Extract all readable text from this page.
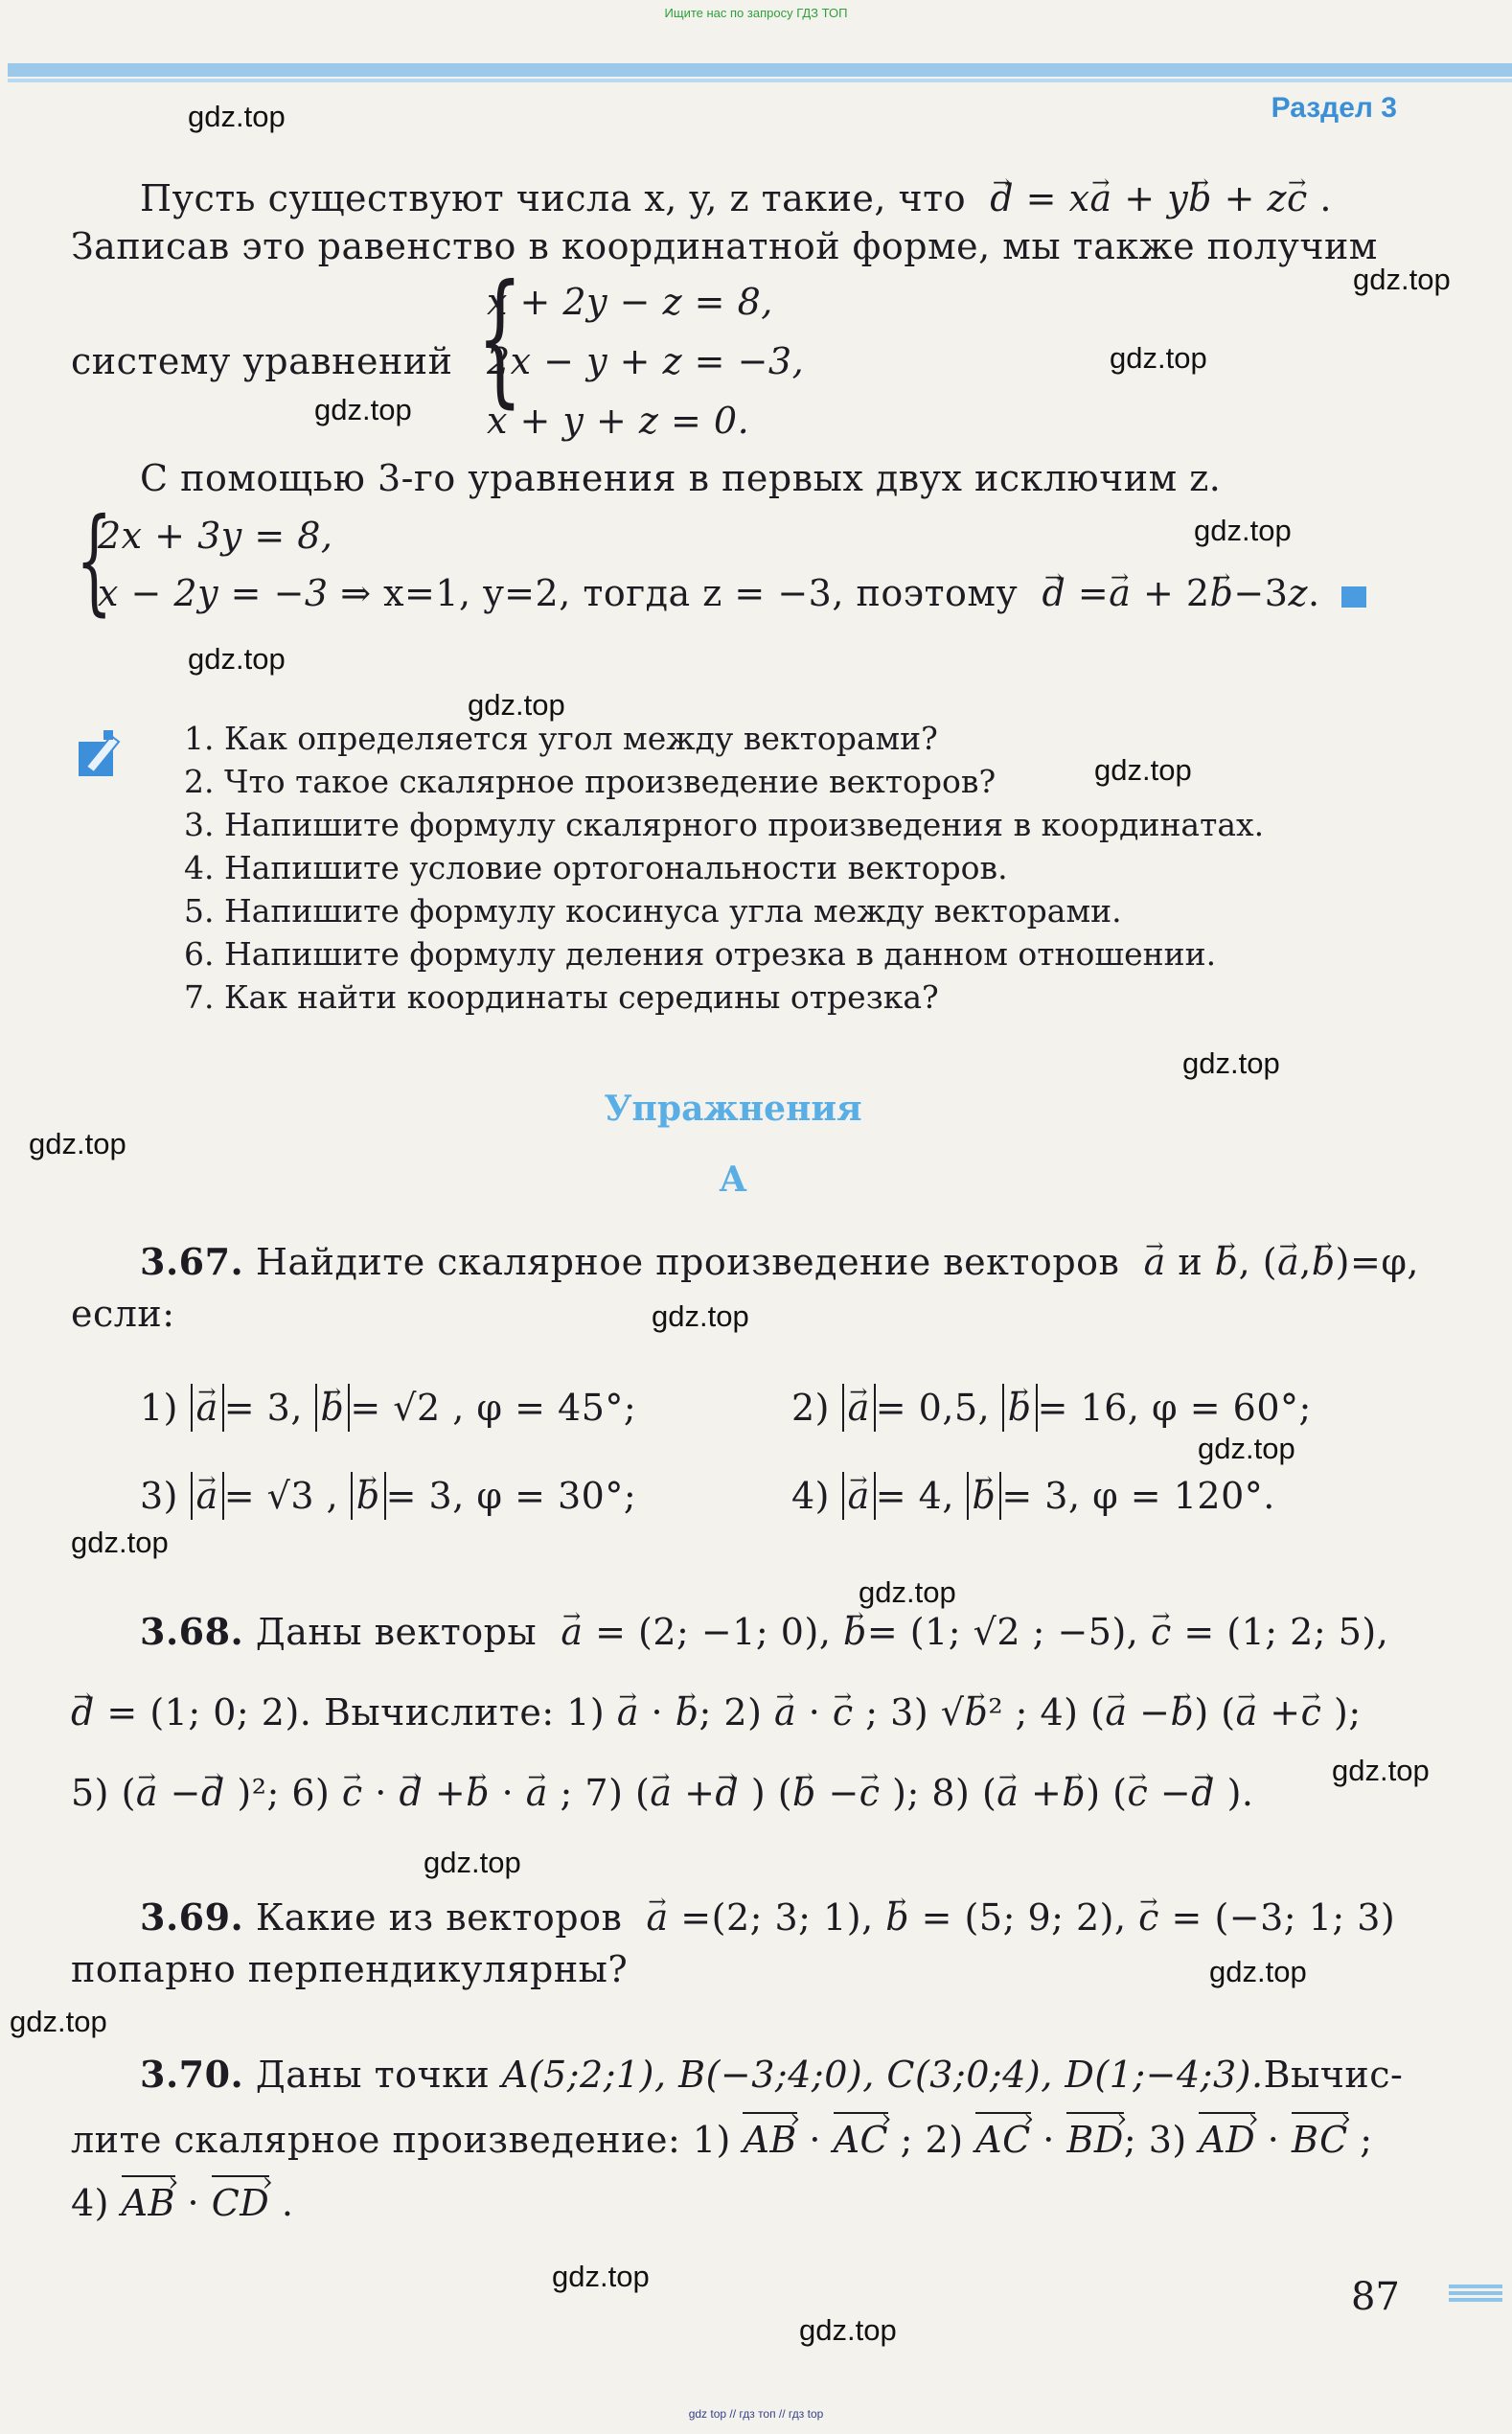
Ищите нас по запросу ГДЗ ТОП
Раздел 3
gdz.top
gdz.top
gdz.top
gdz.top
gdz.top
gdz.top
gdz.top
gdz.top
gdz.top
gdz.top
gdz.top
gdz.top
gdz.top
gdz.top
gdz.top
gdz.top
gdz.top
gdz.top
gdz.top
gdz.top
Пусть существуют числа x, y, z такие, что → d = x→ a + y→ b + z→ c .
Записав это равенство в координатной форме, мы также получим
систему уравнений {
x + 2y − z = 8,
2x − y + z = −3,
x + y + z = 0.
С помощью 3-го уравнения в первых двух исключим z.
{
2x + 3y = 8,
x − 2y = −3 ⇒ x=1, y=2, тогда z = −3, поэтому → d =→ a + 2→ b−3z.
1. Как определяется угол между векторами?
2. Что такое скалярное произведение векторов?
3. Напишите формулу скалярного произведения в координатах.
4. Напишите условие ортогональности векторов.
5. Напишите формулу косинуса угла между векторами.
6. Напишите формулу деления отрезка в данном отношении.
7. Как найти координаты середины отрезка?
Упражнения
A
3.67. Найдите скалярное произведение векторов → a и → b, (→ a,→ b)=φ,
если:
1) → a = 3, → b = √2 , φ = 45°;	2) → a = 0,5, → b = 16, φ = 60°;
3) → a = √3 , → b = 3, φ = 30°;	4) → a = 4, → b = 3, φ = 120°.
3.68. Даны векторы → a = (2; −1; 0), → b= (1; √2 ; −5), → c = (1; 2; 5),
→ d = (1; 0; 2). Вычислите: 1) → a · → b; 2) → a · → c ; 3) √→ b² ; 4) (→ a −→ b) (→ a +→ c );
5) (→ a −→ d )²; 6) → c · → d +→ b · → a ; 7) (→ a +→ d ) (→ b −→ c ); 8) (→ a +→ b) (→ c −→ d ).
3.69. Какие из векторов → a =(2; 3; 1), → b = (5; 9; 2), → c = (−3; 1; 3)
попарно перпендикулярны?
3.70. Даны точки A(5;2;1), B(−3;4;0), C(3;0;4), D(1;−4;3).Вычис-
лите скалярное произведение: 1) AB › · AC › ; 2) AC › · BD ›; 3) AD › · BC › ;
4) AB › · CD › .
87
gdz top // гдз топ // гдз top
